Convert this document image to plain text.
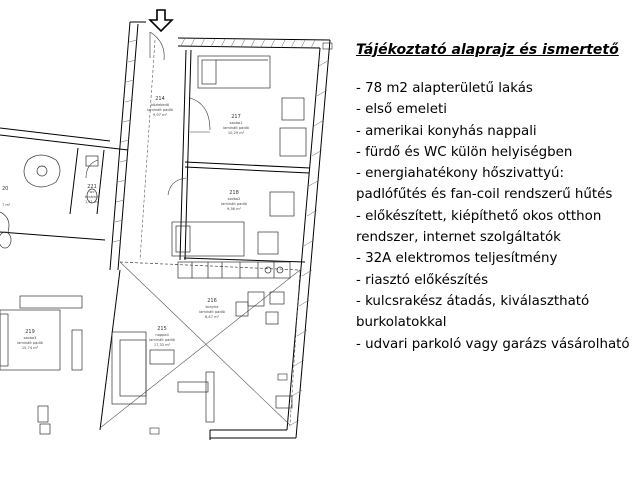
214
közlekedő
laminált padló
9,97 m²	217
szoba1
laminált padló
10,29 m²
218
szoba2
laminált padló
9,36 m²
221
wc
kerámia
1,41 m²
20
7 m²
216
konyha
laminált padló
6,47 m²
219
szoba3
laminált padló
15,74 m²
215
nappali
laminált padló
17,32 m²
Tájékoztató alaprajz és ismertető
- 78 m2 alapterületű lakás
- első emeleti
- amerikai konyhás nappali
- fürdő és WC külön helyiségben
- energiahatékony hőszivattyú:
padlófűtés és fan-coil rendszerű hűtés
- előkészített, kiépíthető okos otthon
rendszer, internet szolgáltatók
- 32A elektromos teljesítmény
- riasztó előkészítés
- kulcsrakész átadás, kiválasztható
burkolatokkal
- udvari parkoló vagy garázs vásárolható
